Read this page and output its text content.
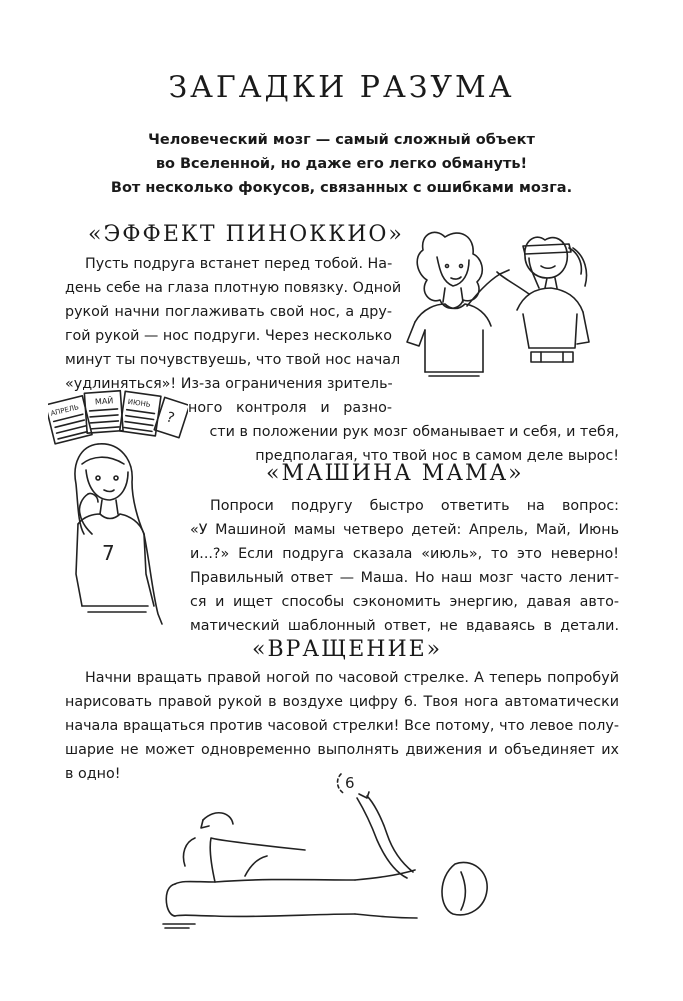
ЗАГАДКИ РАЗУМА

Человеческий мозг — самый сложный объект
во Вселенной, но даже его легко обмануть!
Вот несколько фокусов, связанных с ошибками мозга.

«ЭФФЕКТ ПИНОККИО»
Пусть подруга встанет перед тобой. На-
день себе на глаза плотную повязку. Одной
рукой начни поглаживать свой нос, а дру-
гой рукой — нос подруги. Через несколько
минут ты почувствуешь, что твой нос начал
«удлиняться»! Из-за ограничения зритель-
ного контроля и разно-
сти в положении рук мозг обманывает и себя, и тебя,
предполагая, что твой нос в самом деле вырос!
«МАШИНА МАМА»
Попроси подругу быстро ответить на вопрос:
«У Машиной мамы четверо детей: Апрель, Май, Июнь
и...?» Если подруга сказала «июль», то это неверно!
Правильный ответ — Маша. Но наш мозг часто ленит-
ся и ищет способы сэкономить энергию, давая авто-
матический шаблонный ответ, не вдаваясь в детали.
«ВРАЩЕНИЕ»
Начни вращать правой ногой по часовой стрелке. А теперь попробуй
нарисовать правой рукой в воздухе цифру 6. Твоя нога автоматически
начала вращаться против часовой стрелки! Все потому, что левое полу-
шарие не может одновременно выполнять движения и объединяет их
в одно!
АПРЕЛЬ
МАЙ ИЮНЬ
?
7
6
